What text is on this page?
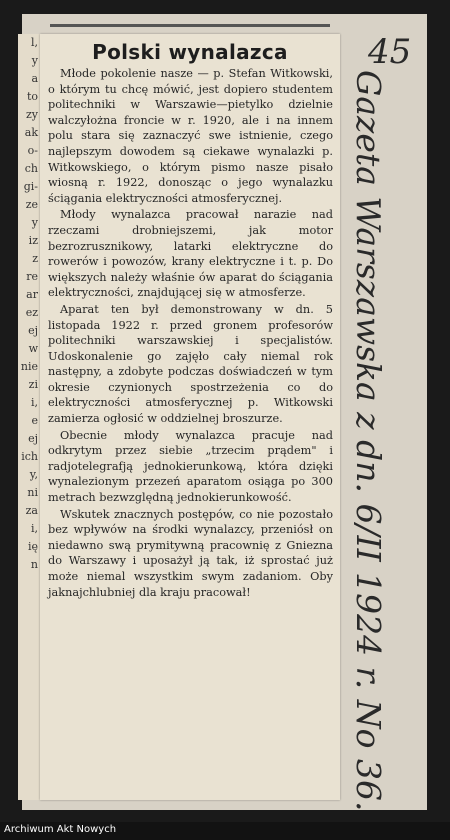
l,
y
a
to
zy
ak
o-
ch
gi-
ze
y
iz
z
re
ar
ez
ej
w
nie
zi
i,
e
ej
ich
y,
ni
za
i,
ię
n
Polski wynalazca

Młode pokolenie nasze — p. Stefan Witkowski, o którym tu chcę mówić, jest dopiero studentem politechniki w Warszawie—pietylko dzielnie walczyłożna froncie w r. 1920, ale i na innem polu stara się zaznaczyć swe istnienie, czego najlepszym dowodem są ciekawe wynalazki p. Witkowskiego, o którym pismo nasze pisało wiosną r. 1922, donosząc o jego wynalazku ściągania elektryczności atmosferycznej.

Młody wynalazca pracował narazie nad rzeczami drobniejszemi, jak motor bezrozrusznikowy, latarki elektryczne do rowerów i powozów, krany elektryczne i t. p. Do większych należy właśnie ów aparat do ściągania elektryczności, znajdującej się w atmosferze.

Aparat ten był demonstrowany w dn. 5 listopada 1922 r. przed gronem profesorów politechniki warszawskiej i specjalistów. Udoskonalenie go zajęło cały niemal rok następny, a zdobyte podczas doświadczeń w tym okresie czynionych spostrzeżenia co do elektryczności atmosferycznej p. Witkowski zamierza ogłosić w oddzielnej broszurze.

Obecnie młody wynalazca pracuje nad odkrytym przez siebie „trzecim prądem" i radjotelegrafją jednokierunkową, która dzięki wynalezionym przezeń aparatom osiąga po 300 metrach bezwzględną jednokierunkowość.

Wskutek znacznych postępów, co nie pozostało bez wpływów na środki wynalazcy, przeniósł on niedawno swą prymitywną pracownię z Gniezna do Warszawy i uposażył ją tak, iż sprostać już może niemal wszystkim swym zadaniom. Oby jaknajchlubniej dla kraju pracował!

45
Gazeta Warszawska z dn. 6/II 1924 r. No 36.
Archiwum Akt Nowych
